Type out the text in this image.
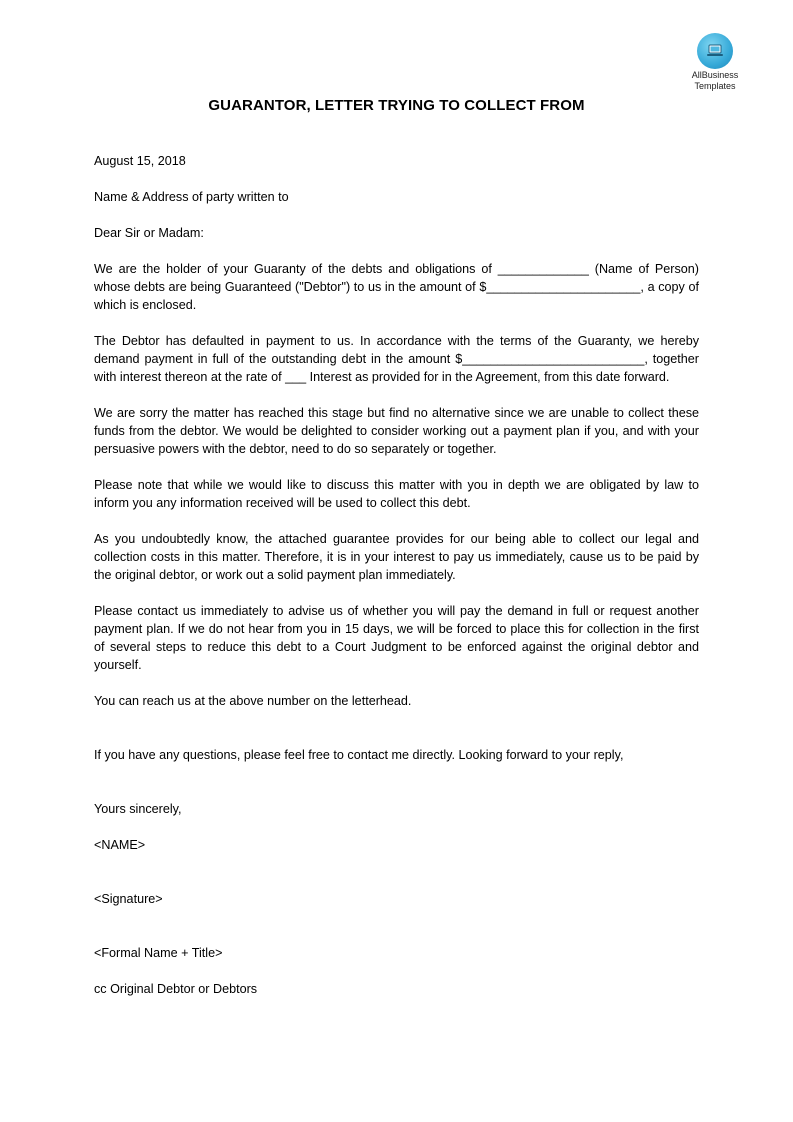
AllBusiness
Templates
GUARANTOR, LETTER TRYING TO COLLECT FROM

August 15, 2018

Name & Address of party written to

Dear Sir or Madam:

We are the holder of your Guaranty of the debts and obligations of _____________ (Name of Person) whose debts are being Guaranteed ("Debtor") to us in the amount of $______________________, a copy of which is enclosed.

The Debtor has defaulted in payment to us. In accordance with the terms of the Guaranty, we hereby demand payment in full of the outstanding debt in the amount $__________________________, together with interest thereon at the rate of ___ Interest as provided for in the Agreement, from this date forward.

We are sorry the matter has reached this stage but find no alternative since we are unable to collect these funds from the debtor. We would be delighted to consider working out a payment plan if you, and with your persuasive powers with the debtor, need to do so separately or together.

Please note that while we would like to discuss this matter with you in depth we are obligated by law to inform you any information received will be used to collect this debt.

As you undoubtedly know, the attached guarantee provides for our being able to collect our legal and collection costs in this matter. Therefore, it is in your interest to pay us immediately, cause us to be paid by the original debtor, or work out a solid payment plan immediately.

Please contact us immediately to advise us of whether you will pay the demand in full or request another payment plan. If we do not hear from you in 15 days, we will be forced to place this for collection in the first of several steps to reduce this debt to a Court Judgment to be enforced against the original debtor and yourself.

You can reach us at the above number on the letterhead.

If you have any questions, please feel free to contact me directly. Looking forward to your reply,

Yours sincerely,

<NAME>

<Signature>

<Formal Name + Title>

cc Original Debtor or Debtors
